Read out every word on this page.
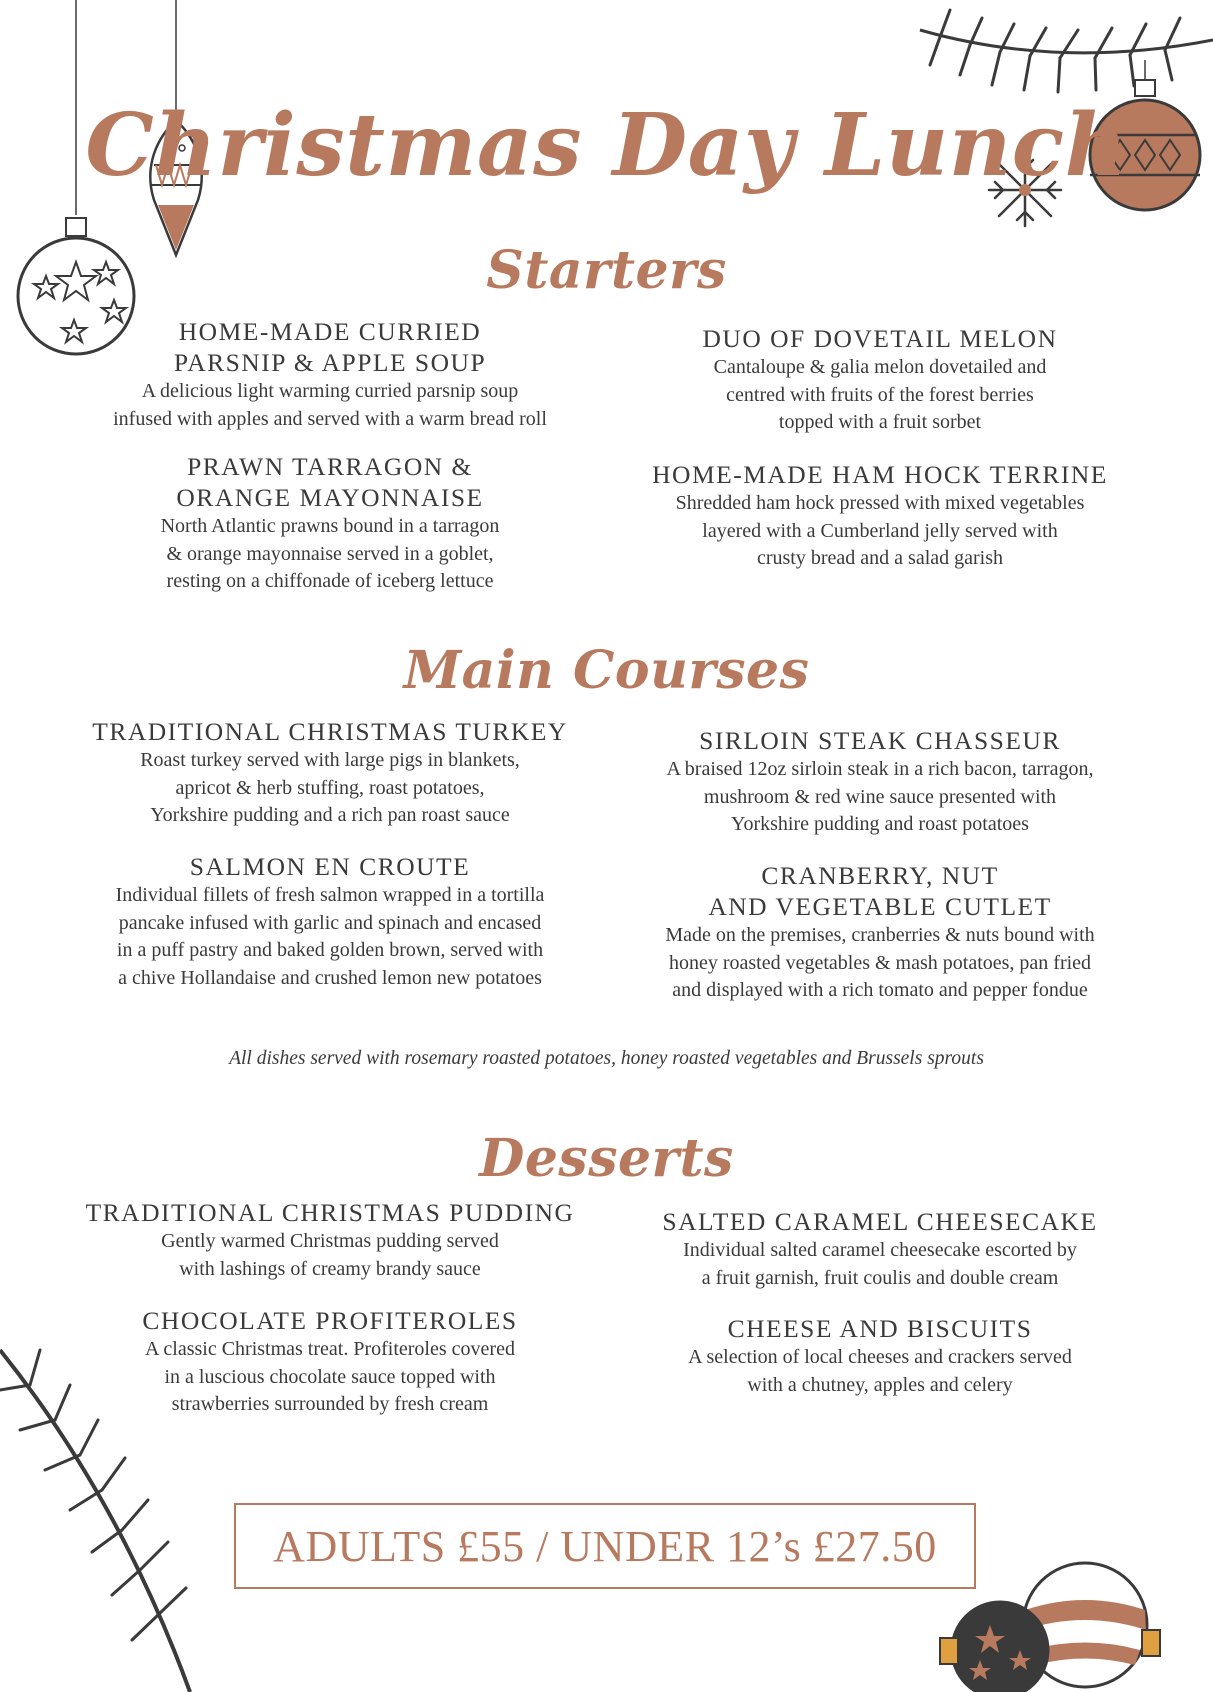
Christmas Day Lunch
Starters
Main Courses
Desserts
HOME-MADE CURRIED
PARSNIP & APPLE SOUP
A delicious light warming curried parsnip soup
infused with apples and served with a warm bread roll
PRAWN TARRAGON &
ORANGE MAYONNAISE
North Atlantic prawns bound in a tarragon
& orange mayonnaise served in a goblet,
resting on a chiffonade of iceberg lettuce
DUO OF DOVETAIL MELON
Cantaloupe & galia melon dovetailed and
centred with fruits of the forest berries
topped with a fruit sorbet
HOME-MADE HAM HOCK TERRINE
Shredded ham hock pressed with mixed vegetables
layered with a Cumberland jelly served with
crusty bread and a salad garish
TRADITIONAL CHRISTMAS TURKEY
Roast turkey served with large pigs in blankets,
apricot & herb stuffing, roast potatoes,
Yorkshire pudding and a rich pan roast sauce
SALMON EN CROUTE
Individual fillets of fresh salmon wrapped in a tortilla
pancake infused with garlic and spinach and encased
in a puff pastry and baked golden brown, served with
a chive Hollandaise and crushed lemon new potatoes
SIRLOIN STEAK CHASSEUR
A braised 12oz sirloin steak in a rich bacon, tarragon,
mushroom & red wine sauce presented with
Yorkshire pudding and roast potatoes
CRANBERRY, NUT
AND VEGETABLE CUTLET
Made on the premises, cranberries & nuts bound with
honey roasted vegetables & mash potatoes, pan fried
and displayed with a rich tomato and pepper fondue
All dishes served with rosemary roasted potatoes, honey roasted vegetables and Brussels sprouts
TRADITIONAL CHRISTMAS PUDDING
Gently warmed Christmas pudding served
with lashings of creamy brandy sauce
CHOCOLATE PROFITEROLES
A classic Christmas treat. Profiteroles covered
in a luscious chocolate sauce topped with
strawberries surrounded by fresh cream
SALTED CARAMEL CHEESECAKE
Individual salted caramel cheesecake escorted by
a fruit garnish, fruit coulis and double cream
CHEESE AND BISCUITS
A selection of local cheeses and crackers served
with a chutney, apples and celery
ADULTS £55 / UNDER 12’s £27.50
